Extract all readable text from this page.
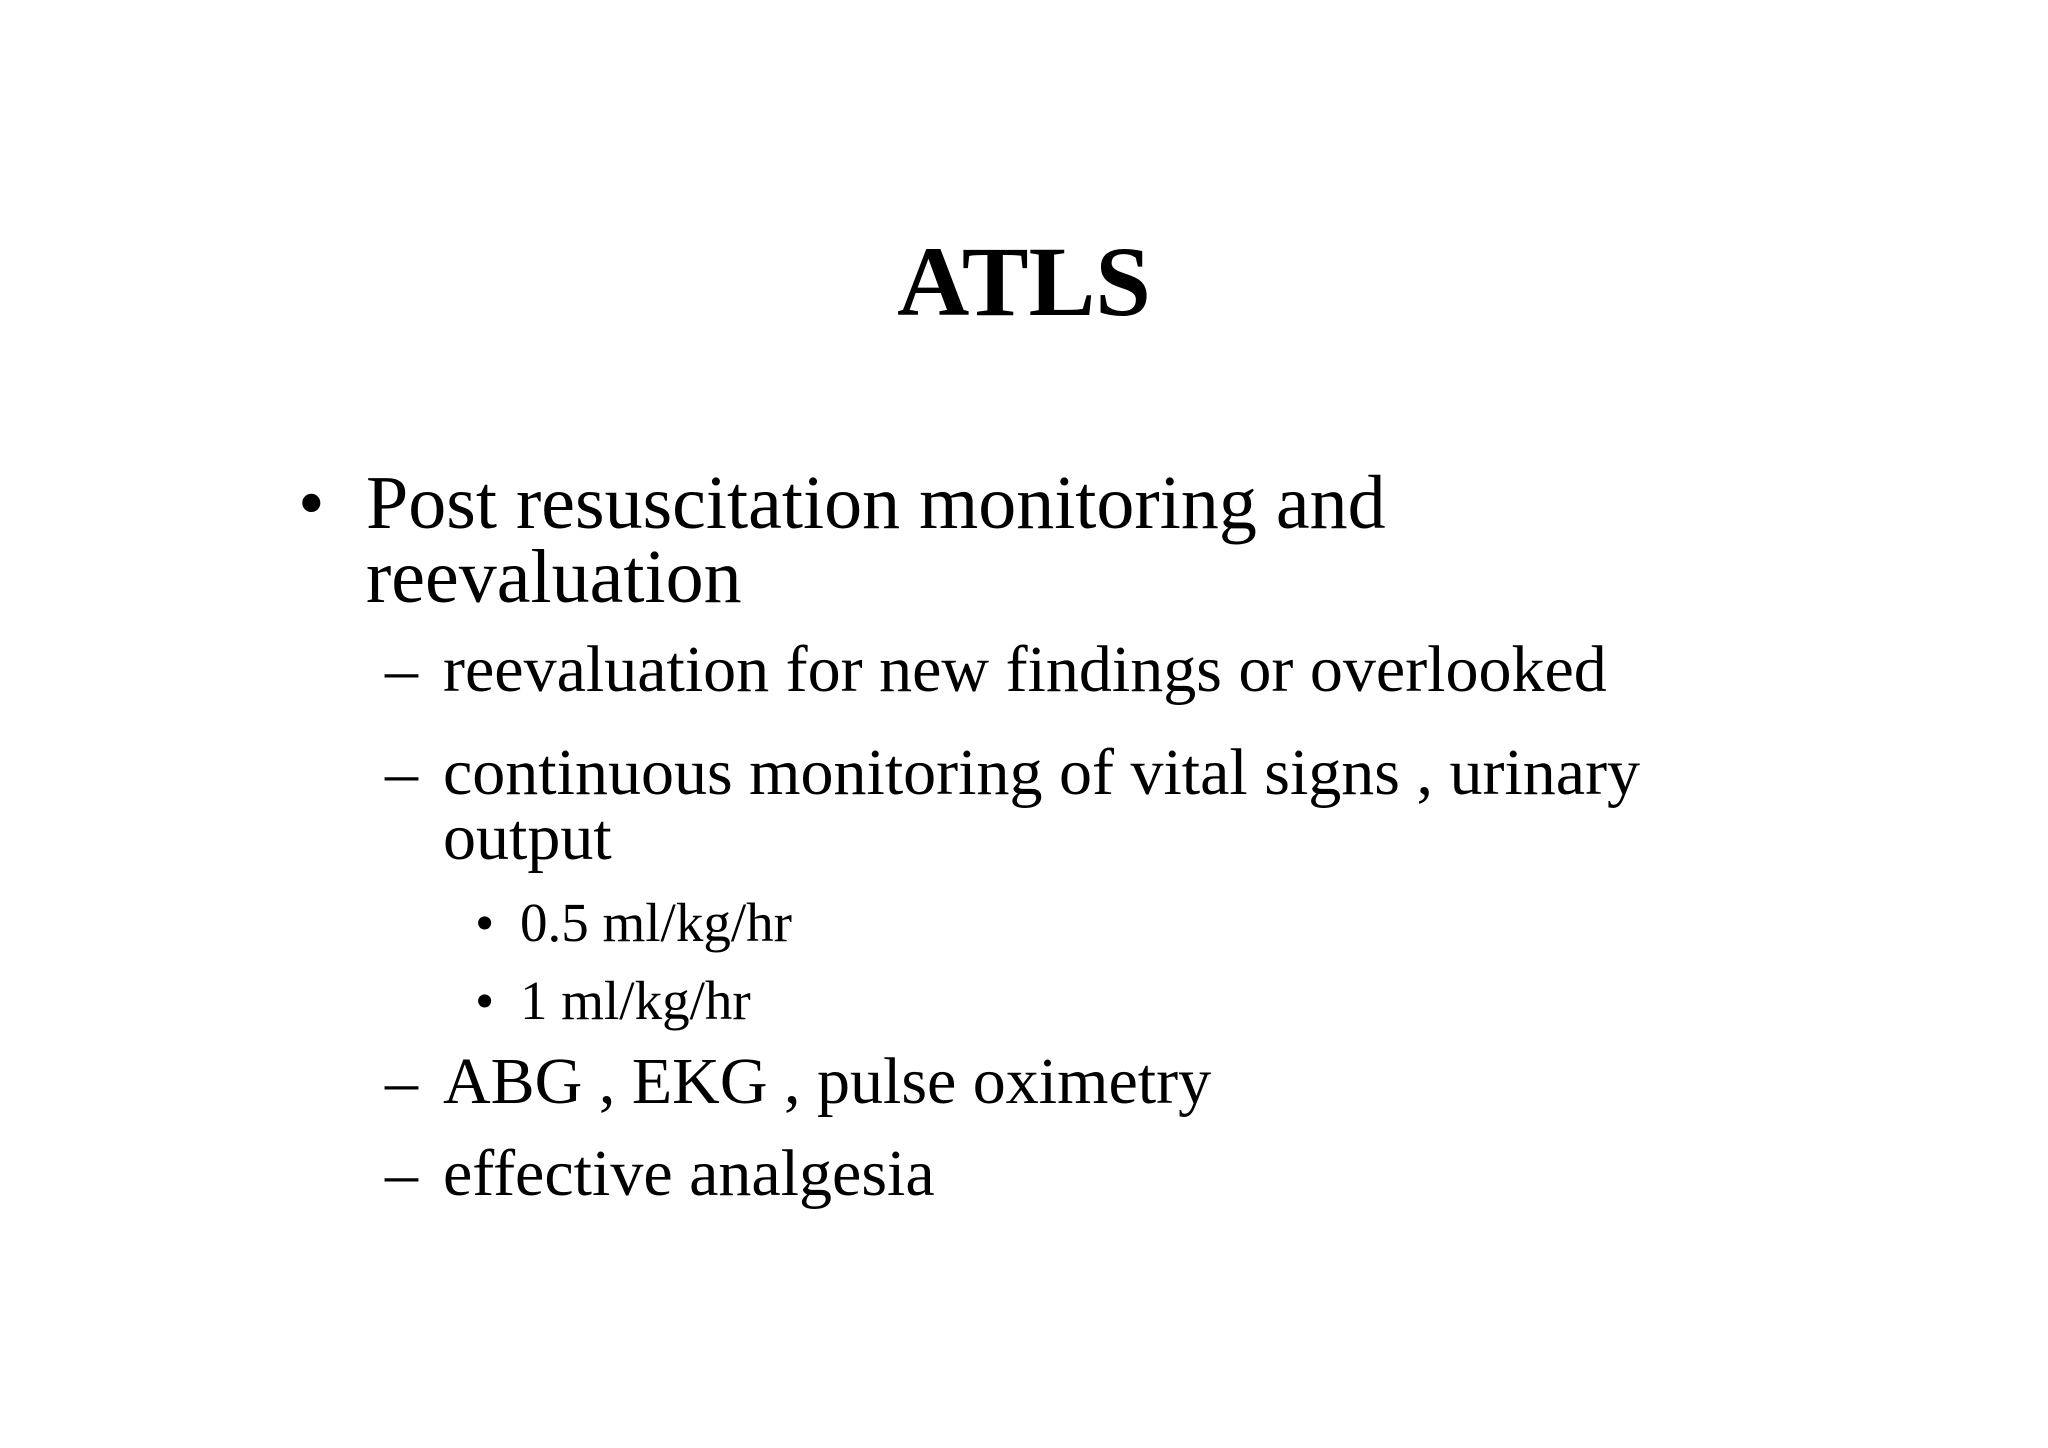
ATLS
• Post resuscitation monitoring and
reevaluation
– reevaluation for new findings or overlooked
– continuous monitoring of vital signs , urinary
output
• 0.5 ml/kg/hr
• 1 ml/kg/hr
– ABG , EKG , pulse oximetry
– effective analgesia
